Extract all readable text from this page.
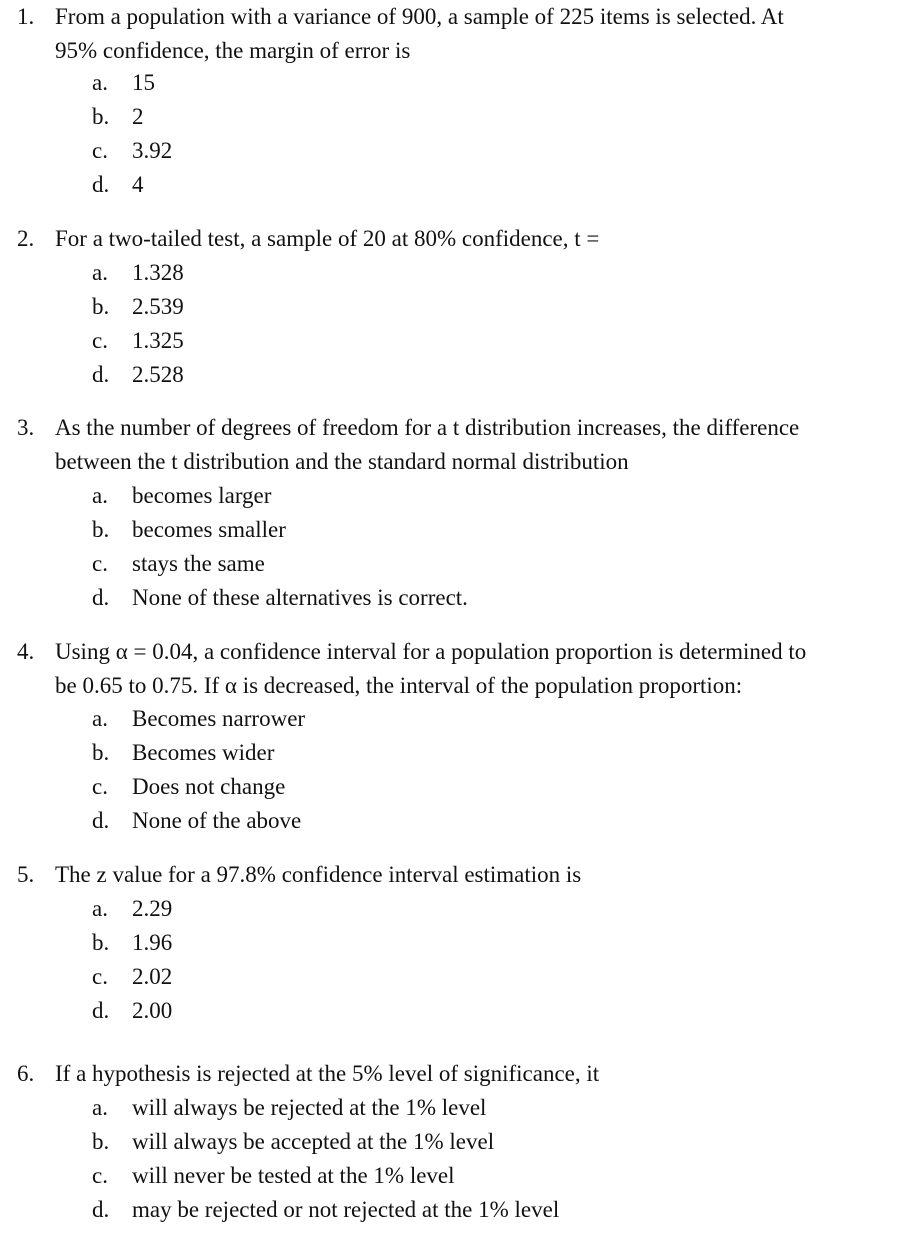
1. From a population with a variance of 900, a sample of 225 items is selected. At
95% confidence, the margin of error is
a. 15
b. 2
c. 3.92
d. 4
2. For a two-tailed test, a sample of 20 at 80% confidence, t =
a. 1.328
b. 2.539
c. 1.325
d. 2.528
3. As the number of degrees of freedom for a t distribution increases, the difference
between the t distribution and the standard normal distribution
a. becomes larger
b. becomes smaller
c. stays the same
d. None of these alternatives is correct.
4. Using α = 0.04, a confidence interval for a population proportion is determined to
be 0.65 to 0.75. If α is decreased, the interval of the population proportion:
a. Becomes narrower
b. Becomes wider
c. Does not change
d. None of the above
5. The z value for a 97.8% confidence interval estimation is
a. 2.29
b. 1.96
c. 2.02
d. 2.00
6. If a hypothesis is rejected at the 5% level of significance, it
a. will always be rejected at the 1% level
b. will always be accepted at the 1% level
c. will never be tested at the 1% level
d. may be rejected or not rejected at the 1% level
